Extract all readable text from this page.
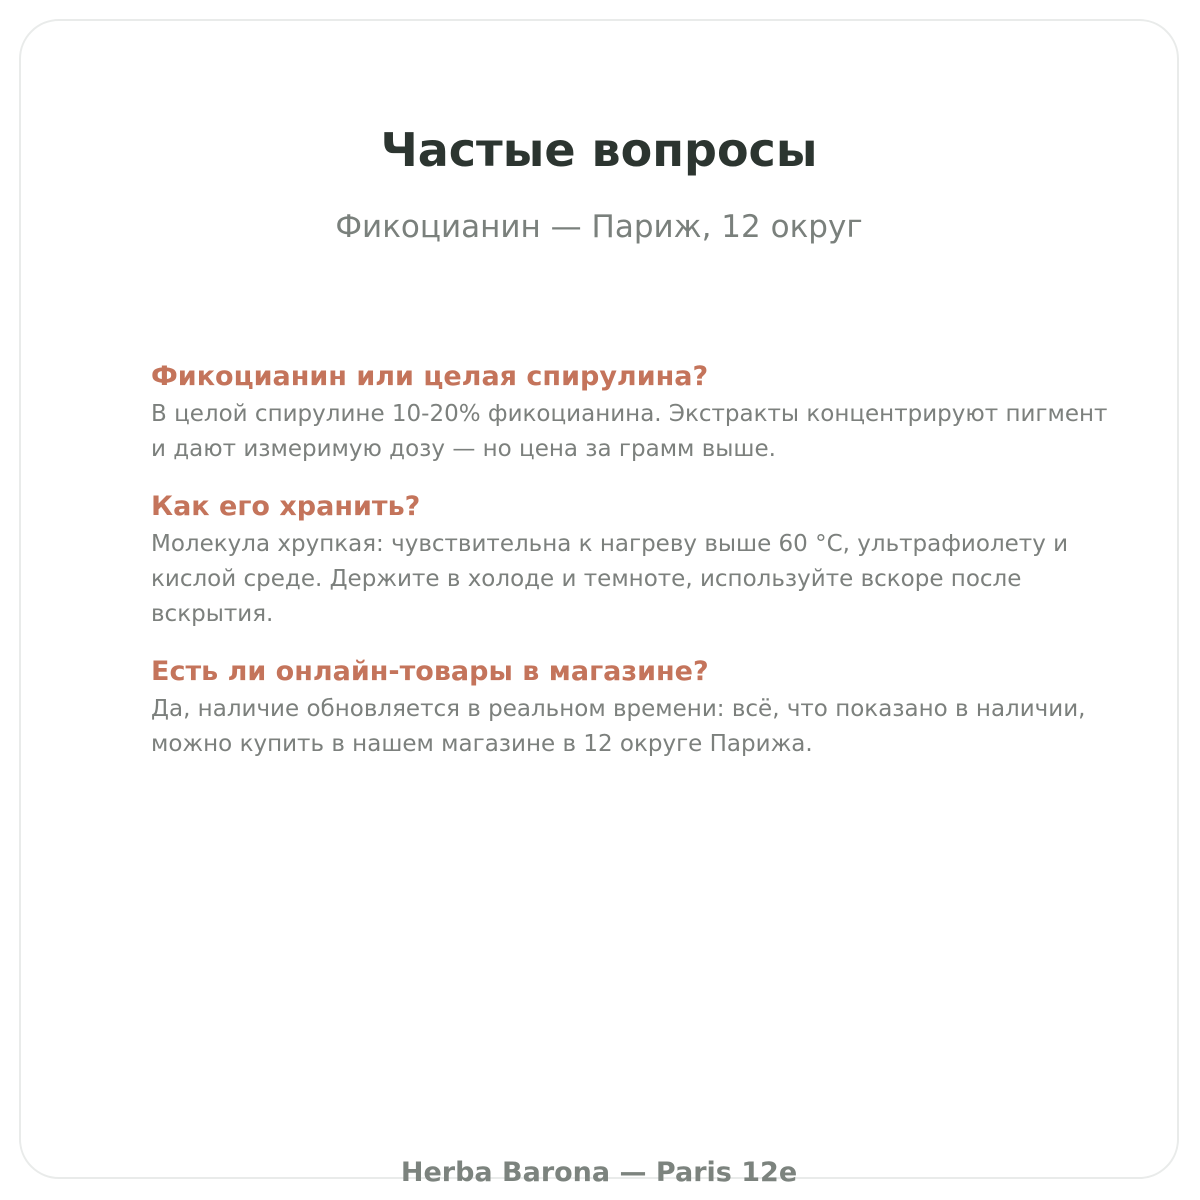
Частые вопросы

Фикоцианин — Париж, 12 округ

Фикоцианин или целая спирулина?

В целой спирулине 10-20% фикоцианина. Экстракты концентрируют пигмент и дают измеримую дозу — но цена за грамм выше.

Как его хранить?

Молекула хрупкая: чувствительна к нагреву выше 60 °C, ультрафиолету и кислой среде. Держите в холоде и темноте, используйте вскоре после вскрытия.

Есть ли онлайн-товары в магазине?

Да, наличие обновляется в реальном времени: всё, что показано в наличии, можно купить в нашем магазине в 12 округе Парижа.

Herba Barona — Paris 12e
